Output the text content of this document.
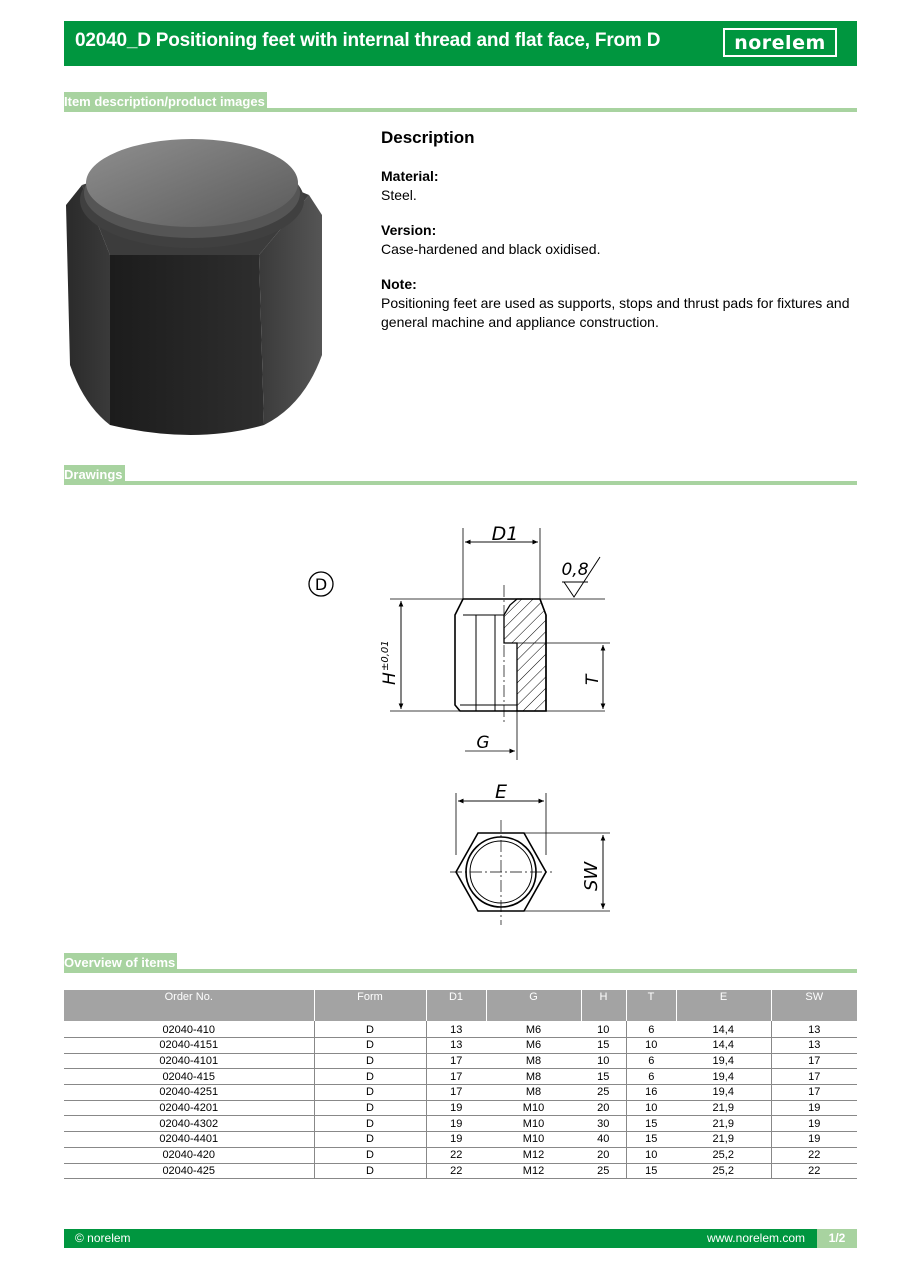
02040_D Positioning feet with internal thread and flat face, From D	norelem
Item description/product images
Description
Material:
Steel.
Version:
Case-hardened and black oxidised.
Note:
Positioning feet are used as supports, stops and thrust pads for fixtures and general machine and appliance construction.
Drawings
D
D1
0,8
H
±0,01
T
G
E
SW
Overview of items
Order No.	Form	D1	G	H	T	E	SW
02040-410	D	13	M6	10	6	14,4	13
02040-4151	D	13	M6	15	10	14,4	13
02040-4101	D	17	M8	10	6	19,4	17
02040-415	D	17	M8	15	6	19,4	17
02040-4251	D	17	M8	25	16	19,4	17
02040-4201	D	19	M10	20	10	21,9	19
02040-4302	D	19	M10	30	15	21,9	19
02040-4401	D	19	M10	40	15	21,9	19
02040-420	D	22	M12	20	10	25,2	22
02040-425	D	22	M12	25	15	25,2	22
© norelem	www.norelem.com	1/2
